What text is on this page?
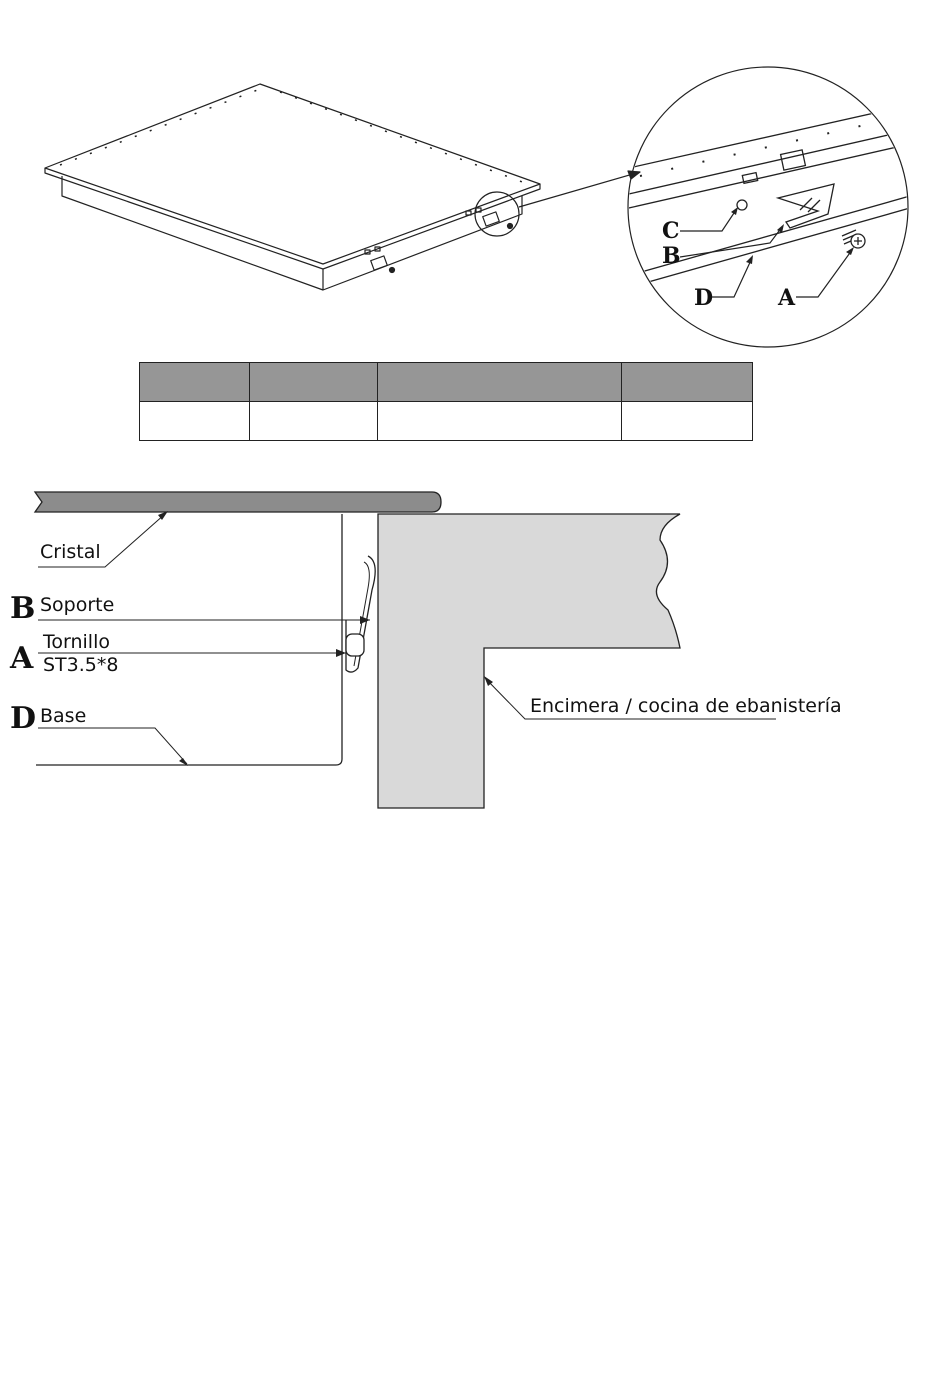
C
B
D	A

B
A
D
Cristal
Soporte
Tornillo
ST3.5*8
Base	Encimera / cocina de ebanistería
